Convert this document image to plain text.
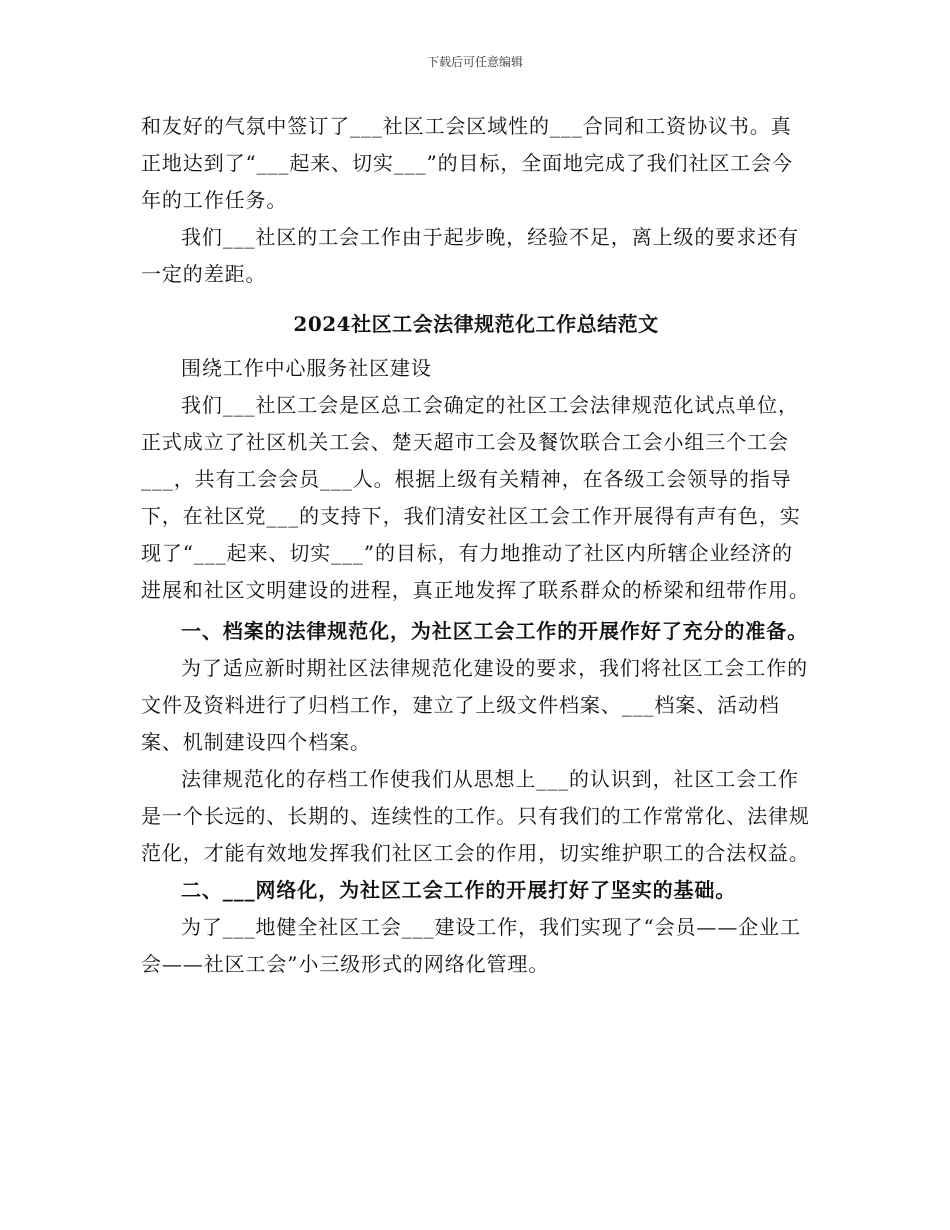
下载后可任意编辑

和友好的气氛中签订了___社区工会区域性的___合同和工资协议书。真正地达到了“___起来、切实___”的目标，全面地完成了我们社区工会今年的工作任务。

我们___社区的工会工作由于起步晚，经验不足，离上级的要求还有一定的差距。

2024社区工会法律规范化工作总结范文

围绕工作中心服务社区建设

我们___社区工会是区总工会确定的社区工会法律规范化试点单位，正式成立了社区机关工会、楚天超市工会及餐饮联合工会小组三个工会___，共有工会会员___人。根据上级有关精神，在各级工会领导的指导下，在社区党___的支持下，我们清安社区工会工作开展得有声有色，实现了“___起来、切实___”的目标，有力地推动了社区内所辖企业经济的进展和社区文明建设的进程，真正地发挥了联系群众的桥梁和纽带作用。

一、档案的法律规范化，为社区工会工作的开展作好了充分的准备。

为了适应新时期社区法律规范化建设的要求，我们将社区工会工作的文件及资料进行了归档工作，建立了上级文件档案、___档案、活动档案、机制建设四个档案。

法律规范化的存档工作使我们从思想上___的认识到，社区工会工作是一个长远的、长期的、连续性的工作。只有我们的工作常常化、法律规范化，才能有效地发挥我们社区工会的作用，切实维护职工的合法权益。

二、___网络化，为社区工会工作的开展打好了坚实的基础。

为了___地健全社区工会___建设工作，我们实现了“会员——企业工会——社区工会”小三级形式的网络化管理。
